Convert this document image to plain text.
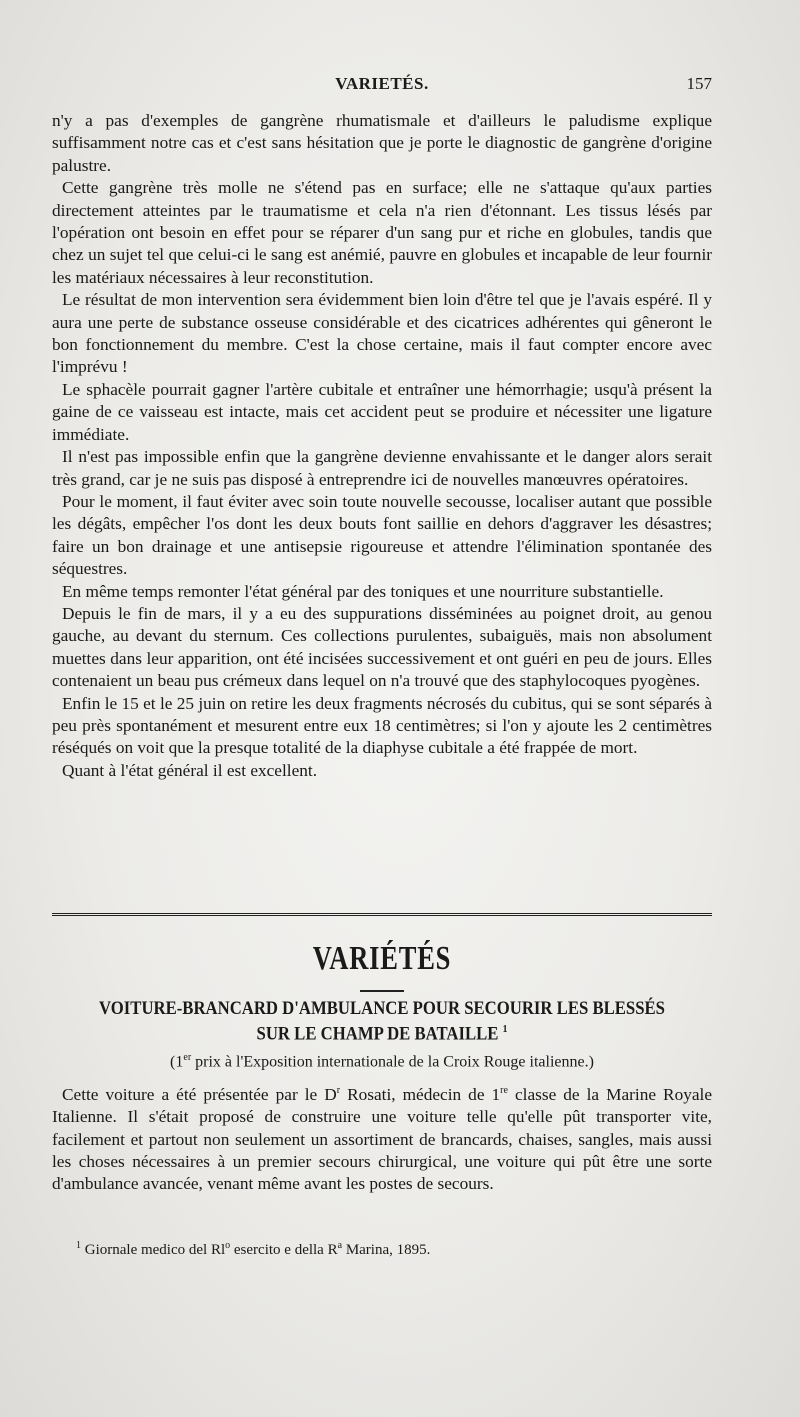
VARIETÉS.	157

n'y a pas d'exemples de gangrène rhumatismale et d'ailleurs le paludisme explique suffisamment notre cas et c'est sans hésitation que je porte le diagnostic de gangrène d'origine palustre.

Cette gangrène très molle ne s'étend pas en surface; elle ne s'attaque qu'aux parties directement atteintes par le traumatisme et cela n'a rien d'étonnant. Les tissus lésés par l'opération ont besoin en effet pour se réparer d'un sang pur et riche en globules, tandis que chez un sujet tel que celui-ci le sang est anémié, pauvre en globules et incapable de leur fournir les matériaux nécessaires à leur reconstitution.

Le résultat de mon intervention sera évidemment bien loin d'être tel que je l'avais espéré. Il y aura une perte de substance osseuse considérable et des cicatrices adhérentes qui gêneront le bon fonctionnement du membre. C'est la chose certaine, mais il faut compter encore avec l'imprévu !

Le sphacèle pourrait gagner l'artère cubitale et entraîner une hémorrhagie; usqu'à présent la gaine de ce vaisseau est intacte, mais cet accident peut se produire et nécessiter une ligature immédiate.

Il n'est pas impossible enfin que la gangrène devienne envahissante et le danger alors serait très grand, car je ne suis pas disposé à entreprendre ici de nouvelles manœuvres opératoires.

Pour le moment, il faut éviter avec soin toute nouvelle secousse, localiser autant que possible les dégâts, empêcher l'os dont les deux bouts font saillie en dehors d'aggraver les désastres; faire un bon drainage et une antisepsie rigoureuse et attendre l'élimination spontanée des séquestres.

En même temps remonter l'état général par des toniques et une nourriture substantielle.

Depuis le fin de mars, il y a eu des suppurations disséminées au poignet droit, au genou gauche, au devant du sternum. Ces collections purulentes, subaiguës, mais non absolument muettes dans leur apparition, ont été incisées successivement et ont guéri en peu de jours. Elles contenaient un beau pus crémeux dans lequel on n'a trouvé que des staphylocoques pyogènes.

Enfin le 15 et le 25 juin on retire les deux fragments nécrosés du cubitus, qui se sont séparés à peu près spontanément et mesurent entre eux 18 centimètres; si l'on y ajoute les 2 centimètres réséqués on voit que la presque totalité de la diaphyse cubitale a été frappée de mort.

Quant à l'état général il est excellent.

VARIÉTÉS
VOITURE-BRANCARD D'AMBULANCE POUR SECOURIR LES BLESSÉS
SUR LE CHAMP DE BATAILLE $^1$
(1er prix à l'Exposition internationale de la Croix Rouge italienne.)

Cette voiture a été présentée par le $D^r$ Rosati, médecin de 1re classe de la Marine Royale Italienne. Il s'était proposé de construire une voiture telle qu'elle pût transporter vite, facilement et partout non seulement un assortiment de brancards, chaises, sangles, mais aussi les choses nécessaires à un premier secours chirurgical, une voiture qui pût être une sorte d'ambulance avancée, venant même avant les postes de secours.

$^1$ Giornale medico del Rl$^o$ esercito e della $R^a$ Marina, 1895.
